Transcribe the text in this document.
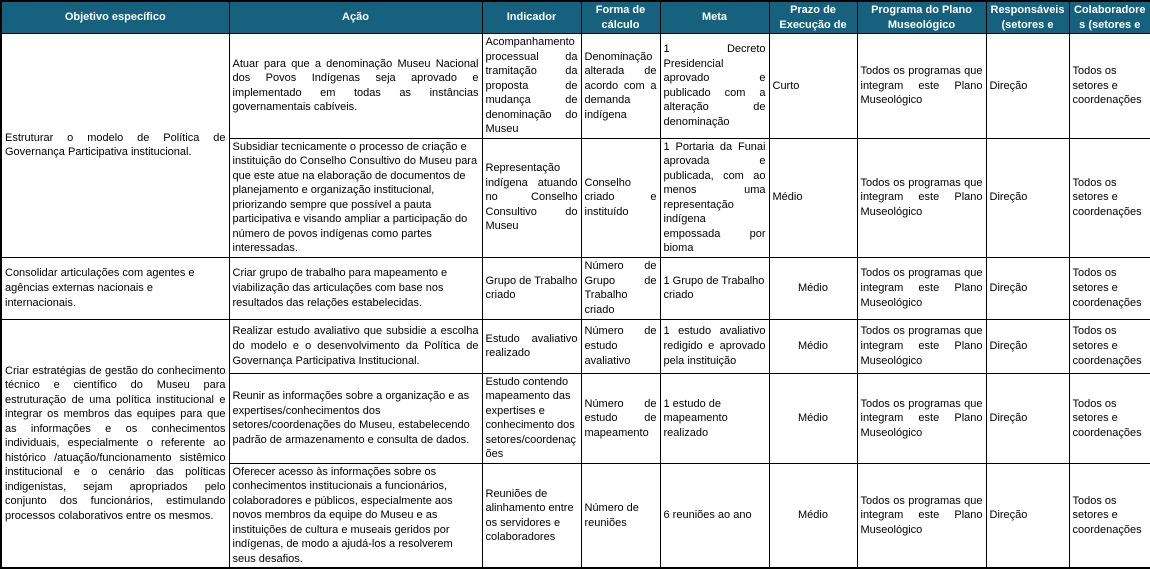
Objetivo específico	Ação	Indicador	Forma de cálculo	Meta	Prazo de Execução de	Programa do Plano Museológico	Responsáveis (setores e	Colaboradores (setores e
Estruturar o modelo de Política de Governança Participativa institucional.	Atuar para que a denominação Museu Nacional dos Povos Indígenas seja aprovado e implementado em todas as instâncias governamentais cabíveis.	Acompanhamento processual da tramitação da proposta de mudança de denominação do Museu	Denominação alterada de acordo com a demanda indígena	1 Decreto Presidencial aprovado e publicado com a alteração de denominação	Curto	Todos os programas que integram este Plano Museológico	Direção	Todos os setores e coordenações
	Subsidiar tecnicamente o processo de criação e instituição do Conselho Consultivo do Museu para que este atue na elaboração de documentos de planejamento e organização institucional, priorizando sempre que possível a pauta participativa e visando ampliar a participação do número de povos indígenas como partes interessadas.	Representação indígena atuando no Conselho Consultivo do Museu	Conselho criado e instituído	1 Portaria da Funai aprovada e publicada, com ao menos uma representação indígena empossada por bioma	Médio	Todos os programas que integram este Plano Museológico	Direção	Todos os setores e coordenações
Consolidar articulações com agentes e agências externas nacionais e internacionais.	Criar grupo de trabalho para mapeamento e viabilização das articulações com base nos resultados das relações estabelecidas.	Grupo de Trabalho criado	Número de Grupo de Trabalho criado	1 Grupo de Trabalho criado	Médio	Todos os programas que integram este Plano Museológico	Direção	Todos os setores e coordenações
Criar estratégias de gestão do conhecimento técnico e científico do Museu para estruturação de uma política institucional e integrar os membros das equipes para que as informações e os conhecimentos individuais, especialmente o referente ao histórico /atuação/funcionamento sistêmico institucional e o cenário das políticas indigenistas, sejam apropriados pelo conjunto dos funcionários, estimulando processos colaborativos entre os mesmos.	Realizar estudo avaliativo que subsidie a escolha do modelo e o desenvolvimento da Política de Governança Participativa Institucional.	Estudo avaliativo realizado	Número de estudo avaliativo	1 estudo avaliativo redigido e aprovado pela instituição	Médio	Todos os programas que integram este Plano Museológico	Direção	Todos os setores e coordenações
	Reunir as informações sobre a organização e as expertises/conhecimentos dos setores/coordenações do Museu, estabelecendo padrão de armazenamento e consulta de dados.	Estudo contendo mapeamento das expertises e conhecimento dos setores/coordenações	Número de estudo de mapeamento	1 estudo de mapeamento realizado	Médio	Todos os programas que integram este Plano Museológico	Direção	Todos os setores e coordenações
	Oferecer acesso às informações sobre os conhecimentos institucionais a funcionários, colaboradores e públicos, especialmente aos novos membros da equipe do Museu e as instituições de cultura e museais geridos por indígenas, de modo a ajudá-los a resolverem seus desafios.	Reuniões de alinhamento entre os servidores e colaboradores	Número de reuniões	6 reuniões ao ano	Médio	Todos os programas que integram este Plano Museológico	Direção	Todos os setores e coordenações
